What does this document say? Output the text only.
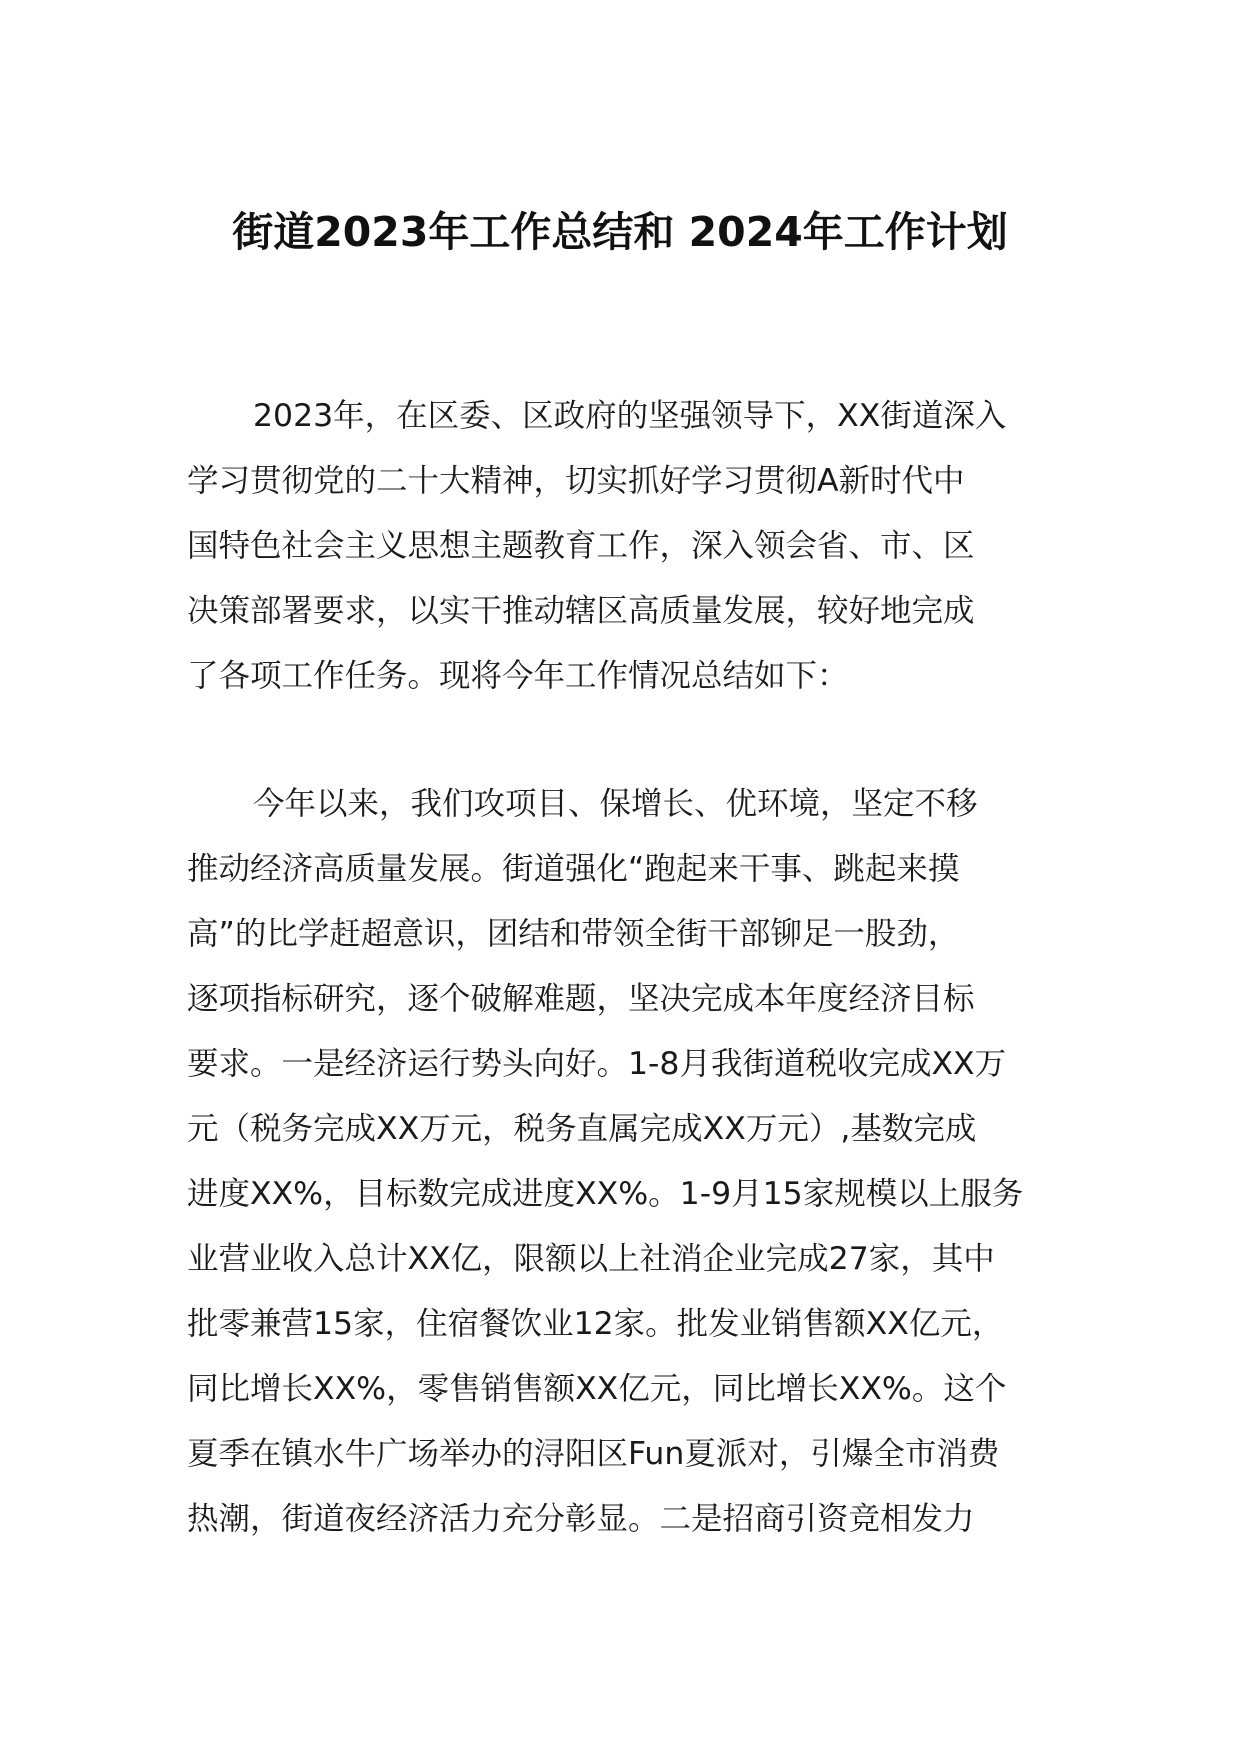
街道2023年工作总结和 2024年工作计划
2023年，在区委、区政府的坚强领导下，XX街道深入
学习贯彻党的二十大精神，切实抓好学习贯彻A新时代中
国特色社会主义思想主题教育工作，深入领会省、市、区
决策部署要求，以实干推动辖区高质量发展，较好地完成
了各项工作任务。现将今年工作情况总结如下：
今年以来，我们攻项目、保增长、优环境，坚定不移
推动经济高质量发展。街道强化“跑起来干事、跳起来摸
高”的比学赶超意识，团结和带领全街干部铆足一股劲，
逐项指标研究，逐个破解难题，坚决完成本年度经济目标
要求。一是经济运行势头向好。1-8月我街道税收完成XX万
元（税务完成XX万元，税务直属完成XX万元）,基数完成
进度XX%，目标数完成进度XX%。1-9月15家规模以上服务
业营业收入总计XX亿，限额以上社消企业完成27家，其中
批零兼营15家，住宿餐饮业12家。批发业销售额XX亿元，
同比增长XX%，零售销售额XX亿元，同比增长XX%。这个
夏季在镇水牛广场举办的浔阳区Fun夏派对，引爆全市消费
热潮，街道夜经济活力充分彰显。二是招商引资竞相发力
